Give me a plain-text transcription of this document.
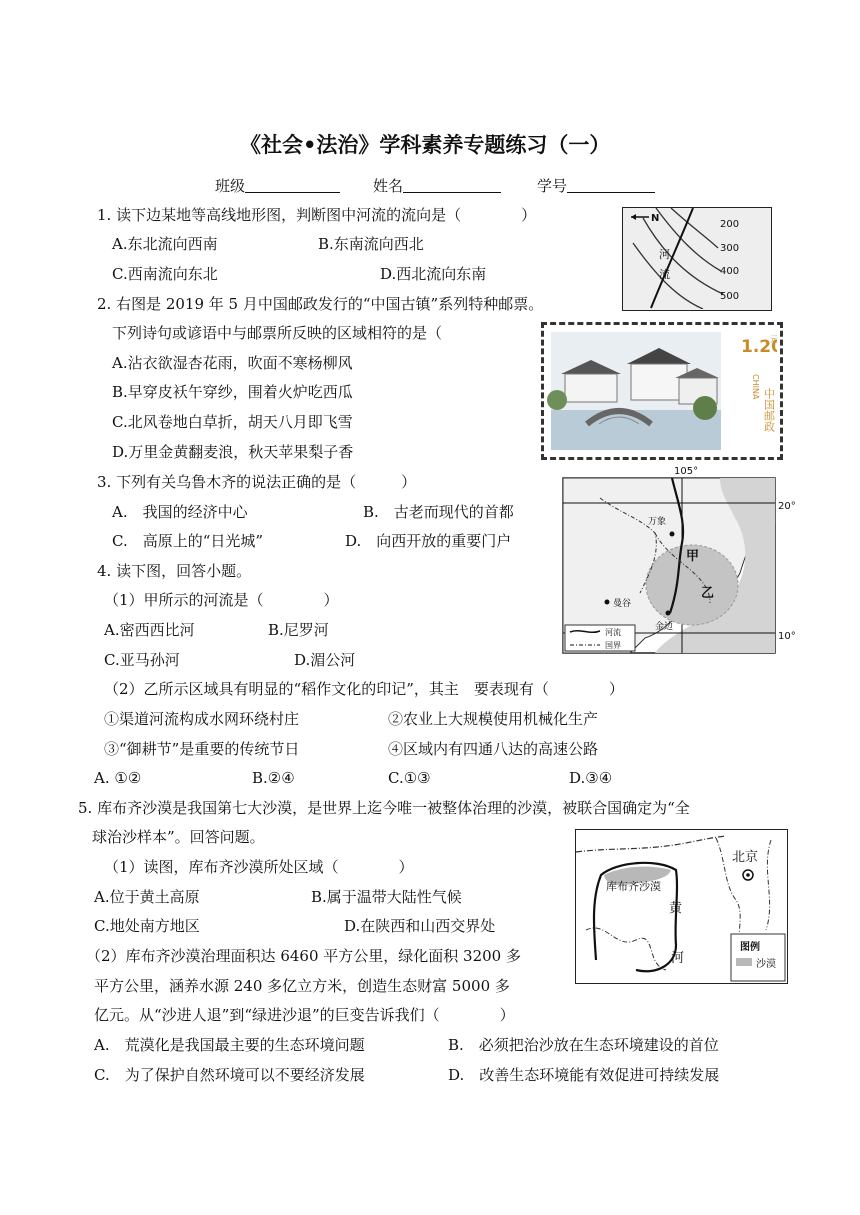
《社会•法治》学科素养专题练习（一）
班级	姓名	学号
1. 读下边某地等高线地形图，判断图中河流的流向是（　　　　）
A.东北流向西南	B.东南流向西北
C.西南流向东北	D.西北流向东南
N
200
300
400
500
河
流
2. 右图是 2019 年 5 月中国邮政发行的“中国古镇”系列特种邮票。
下列诗句或谚语中与邮票所反映的区域相符的是（
A.沾衣欲湿杏花雨，吹面不寒杨柳风
B.早穿皮袄午穿纱，围着火炉吃西瓜
C.北风卷地白草折，胡天八月即飞雪
D.万里金黄翻麦浪，秋天苹果梨子香
1.2
元
CHINA
中国邮政
3. 下列有关乌鲁木齐的说法正确的是（　　　）
A.　我国的经济中心	B.　古老而现代的首都
C.　高原上的“日光城”	D.　向西开放的重要门户
105°
20°
10°
万象
曼谷
金边
甲
乙
河流
国界
4. 读下图，回答小题。
（1）甲所示的河流是（　　　　）
A.密西西比河	B.尼罗河
C.亚马孙河	D.湄公河
（2）乙所示区域具有明显的“稻作文化的印记”，其主　要表现有（　　　　）
①渠道河流构成水网环绕村庄	②农业上大规模使用机械化生产
③“御耕节”是重要的传统节日	④区域内有四通八达的高速公路
A. ①②	B.②④	C.①③	D.③④
5. 库布齐沙漠是我国第七大沙漠，是世界上迄今唯一被整体治理的沙漠，被联合国确定为“全
球治沙样本”。回答问题。
（1）读图，库布齐沙漠所处区域（　　　　）
A.位于黄土高原	B.属于温带大陆性气候
C.地处南方地区	D.在陕西和山西交界处
（2）库布齐沙漠治理面积达 6460 平方公里，绿化面积 3200 多
平方公里，涵养水源 240 多亿立方米，创造生态财富 5000 多
亿元。从“沙进人退”到“绿进沙退”的巨变告诉我们（　　　　）
A.　荒漠化是我国最主要的生态环境问题	B.　必须把治沙放在生态环境建设的首位
C.　为了保护自然环境可以不要经济发展	D.　改善生态环境能有效促进可持续发展
北京
库布齐沙漠
黄
河
图例
沙漠
